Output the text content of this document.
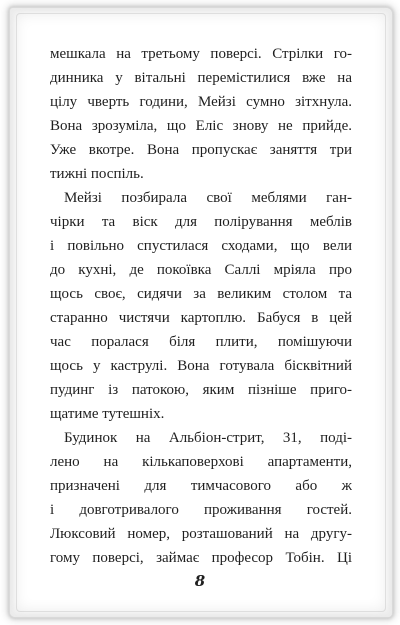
мешкала на третьому поверсі. Стрілки го-
динника у вітальні перемістилися вже на
цілу чверть години, Мейзі сумно зітхнула.
Вона зрозуміла, що Еліс знову не прийде.
Уже вкотре. Вона пропускає заняття три
тижні поспіль.
Мейзі позбирала свої меблями ган-
чірки та віск для полірування меблів
і повільно спустилася сходами, що вели
до кухні, де покоївка Саллі мріяла про
щось своє, сидячи за великим столом та
старанно чистячи картоплю. Бабуся в цей
час поралася біля плити, помішуючи
щось у каструлі. Вона готувала бісквітний
пудинг із патокою, яким пізніше приго-
щатиме тутешніх.
Будинок на Альбіон-стрит, 31, поді-
лено на кількаповерхові апартаменти,
призначені для тимчасового або ж
і довготривалого проживання гостей.
Люксовий номер, розташований на другу-
гому поверсі, займає професор Тобін. Ці
8
